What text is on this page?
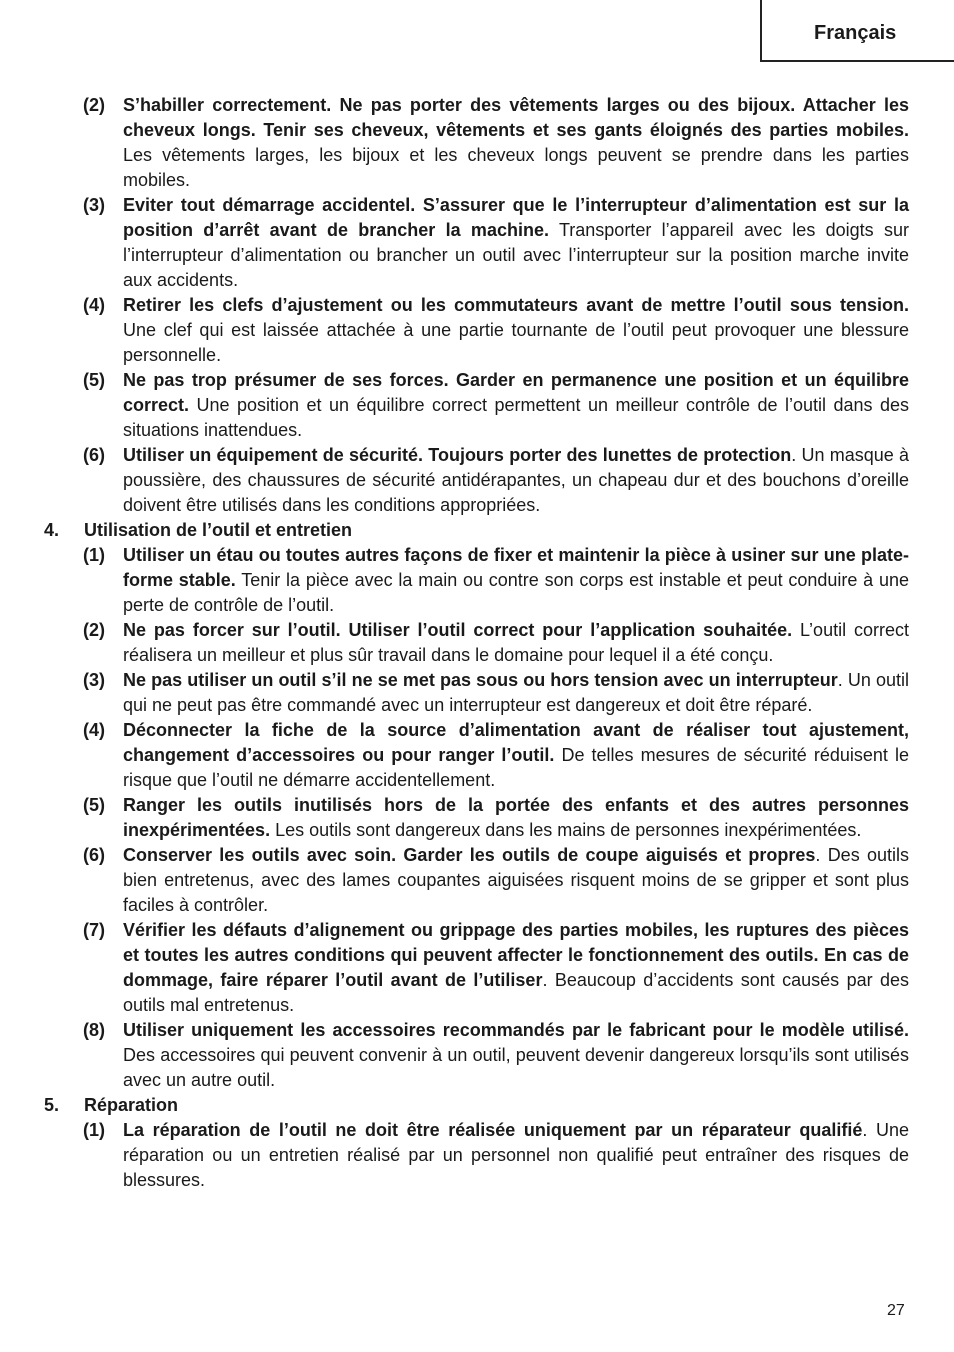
Français
(2) S’habiller correctement. Ne pas porter des vêtements larges ou des bijoux. Attacher les cheveux longs. Tenir ses cheveux, vêtements et ses gants éloignés des parties mobiles. Les vêtements larges, les bijoux et les cheveux longs peuvent se prendre dans les parties mobiles.
(3) Eviter tout démarrage accidentel. S’assurer que le l’interrupteur d’alimentation est sur la position d’arrêt avant de brancher la machine. Transporter l’appareil avec les doigts sur l’interrupteur d’alimentation ou brancher un outil avec l’interrupteur sur la position marche invite aux accidents.
(4) Retirer les clefs d’ajustement ou les commutateurs avant de mettre l’outil sous tension. Une clef qui est laissée attachée à une partie tournante de l’outil peut provoquer une blessure personnelle.
(5) Ne pas trop présumer de ses forces. Garder en permanence une position et un équilibre correct. Une position et un équilibre correct permettent un meilleur contrôle de l’outil dans des situations inattendues.
(6) Utiliser un équipement de sécurité. Toujours porter des lunettes de protection. Un masque à poussière, des chaussures de sécurité antidérapantes, un chapeau dur et des bouchons d’oreille doivent être utilisés dans les conditions appropriées.
4. Utilisation de l’outil et entretien
(1) Utiliser un étau ou toutes autres façons de fixer et maintenir la pièce à usiner sur une plate-forme stable. Tenir la pièce avec la main ou contre son corps est instable et peut conduire à une perte de contrôle de l’outil.
(2) Ne pas forcer sur l’outil. Utiliser l’outil correct pour l’application souhaitée. L’outil correct réalisera un meilleur et plus sûr travail dans le domaine pour lequel il a été conçu.
(3) Ne pas utiliser un outil s’il ne se met pas sous ou hors tension avec un interrupteur. Un outil qui ne peut pas être commandé avec un interrupteur est dangereux et doit être réparé.
(4) Déconnecter la fiche de la source d’alimentation avant de réaliser tout ajustement, changement d’accessoires ou pour ranger l’outil. De telles mesures de sécurité réduisent le risque que l’outil ne démarre accidentellement.
(5) Ranger les outils inutilisés hors de la portée des enfants et des autres personnes inexpérimentées. Les outils sont dangereux dans les mains de personnes inexpérimentées.
(6) Conserver les outils avec soin. Garder les outils de coupe aiguisés et propres. Des outils bien entretenus, avec des lames coupantes aiguisées risquent moins de se gripper et sont plus faciles à contrôler.
(7) Vérifier les défauts d’alignement ou grippage des parties mobiles, les ruptures des pièces et toutes les autres conditions qui peuvent affecter le fonctionnement des outils. En cas de dommage, faire réparer l’outil avant de l’utiliser. Beaucoup d’accidents sont causés par des outils mal entretenus.
(8) Utiliser uniquement les accessoires recommandés par le fabricant pour le modèle utilisé. Des accessoires qui peuvent convenir à un outil, peuvent devenir dangereux lorsqu’ils sont utilisés avec un autre outil.
5. Réparation
(1) La réparation de l’outil ne doit être réalisée uniquement par un réparateur qualifié. Une réparation ou un entretien réalisé par un personnel non qualifié peut entraîner des risques de blessures.
27
